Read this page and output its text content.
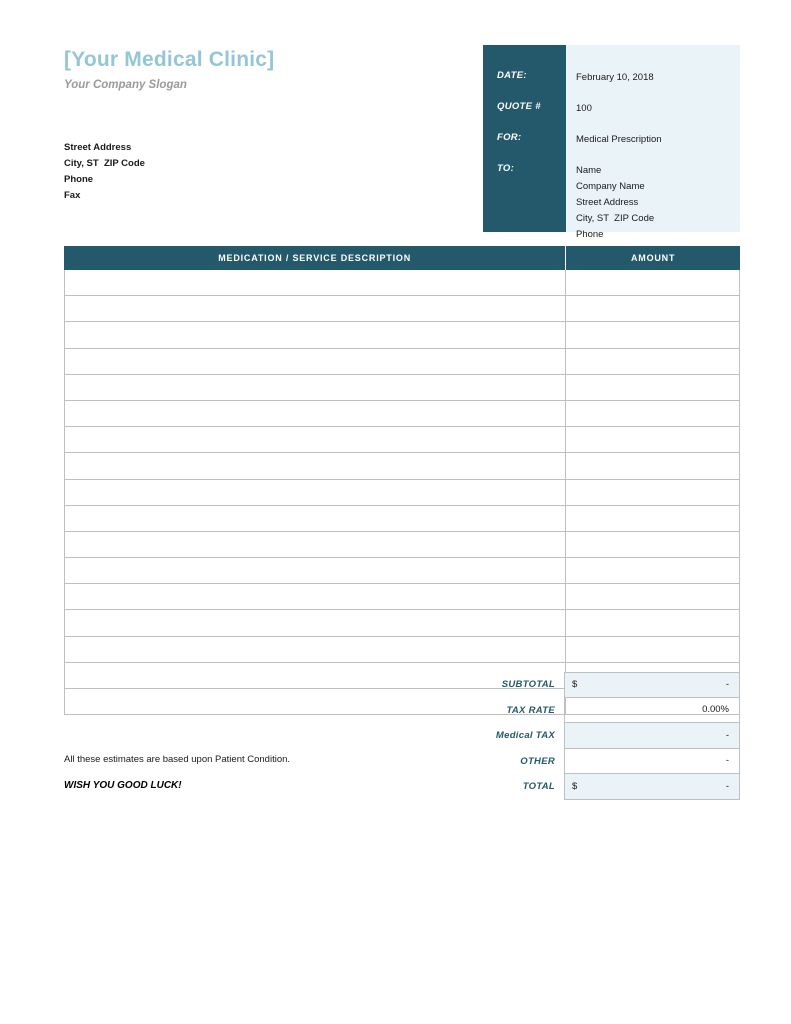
[Your Medical Clinic]
Your Company Slogan
Street Address
City, ST  ZIP Code
Phone
Fax
DATE:	February 10, 2018
QUOTE #	100
FOR:	Medical Prescription
TO:	Name
Company Name
Street Address
City, ST  ZIP Code
Phone
MEDICATION / SERVICE DESCRIPTION	AMOUNT
SUBTOTAL	$	-
TAX RATE	0.00%
Medical TAX	-
OTHER	-
TOTAL	$	-
All these estimates are based upon Patient Condition.
WISH YOU GOOD LUCK!
